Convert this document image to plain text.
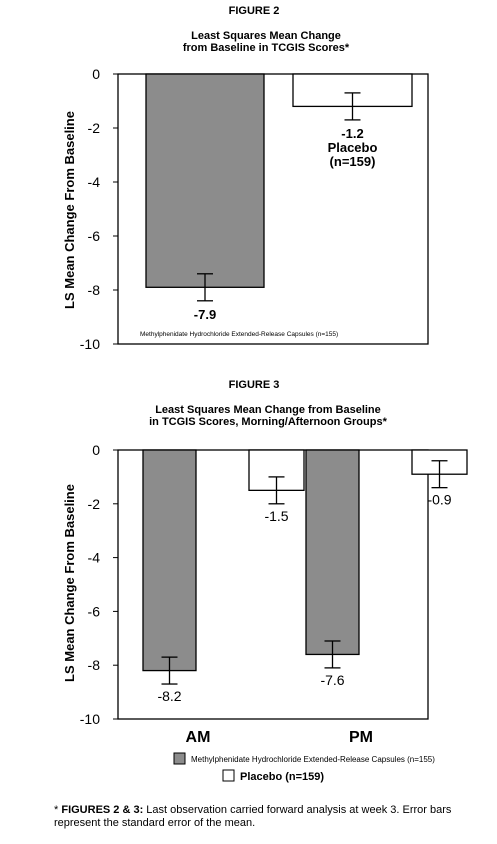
FIGURE 2
Least Squares Mean Change
from Baseline in TCGIS Scores*
LS Mean Change From Baseline
Methylphenidate Hydrochloride Extended-Release Capsules (n=155)
FIGURE 3
Least Squares Mean Change from Baseline
in TCGIS Scores, Morning/Afternoon Groups*
LS Mean Change From Baseline
Methylphenidate Hydrochloride Extended-Release Capsules (n=155)
Placebo (n=159)
0
-2
-4
-6
-8
-10
-7.9
-1.2
Placebo
(n=159)
0
-2
-4
-6
-8
-10
AM
-8.2
-1.5
PM
-7.6
-0.9
* FIGURES 2 & 3: Last observation carried forward analysis at week 3. Error bars represent the standard error of the mean.
